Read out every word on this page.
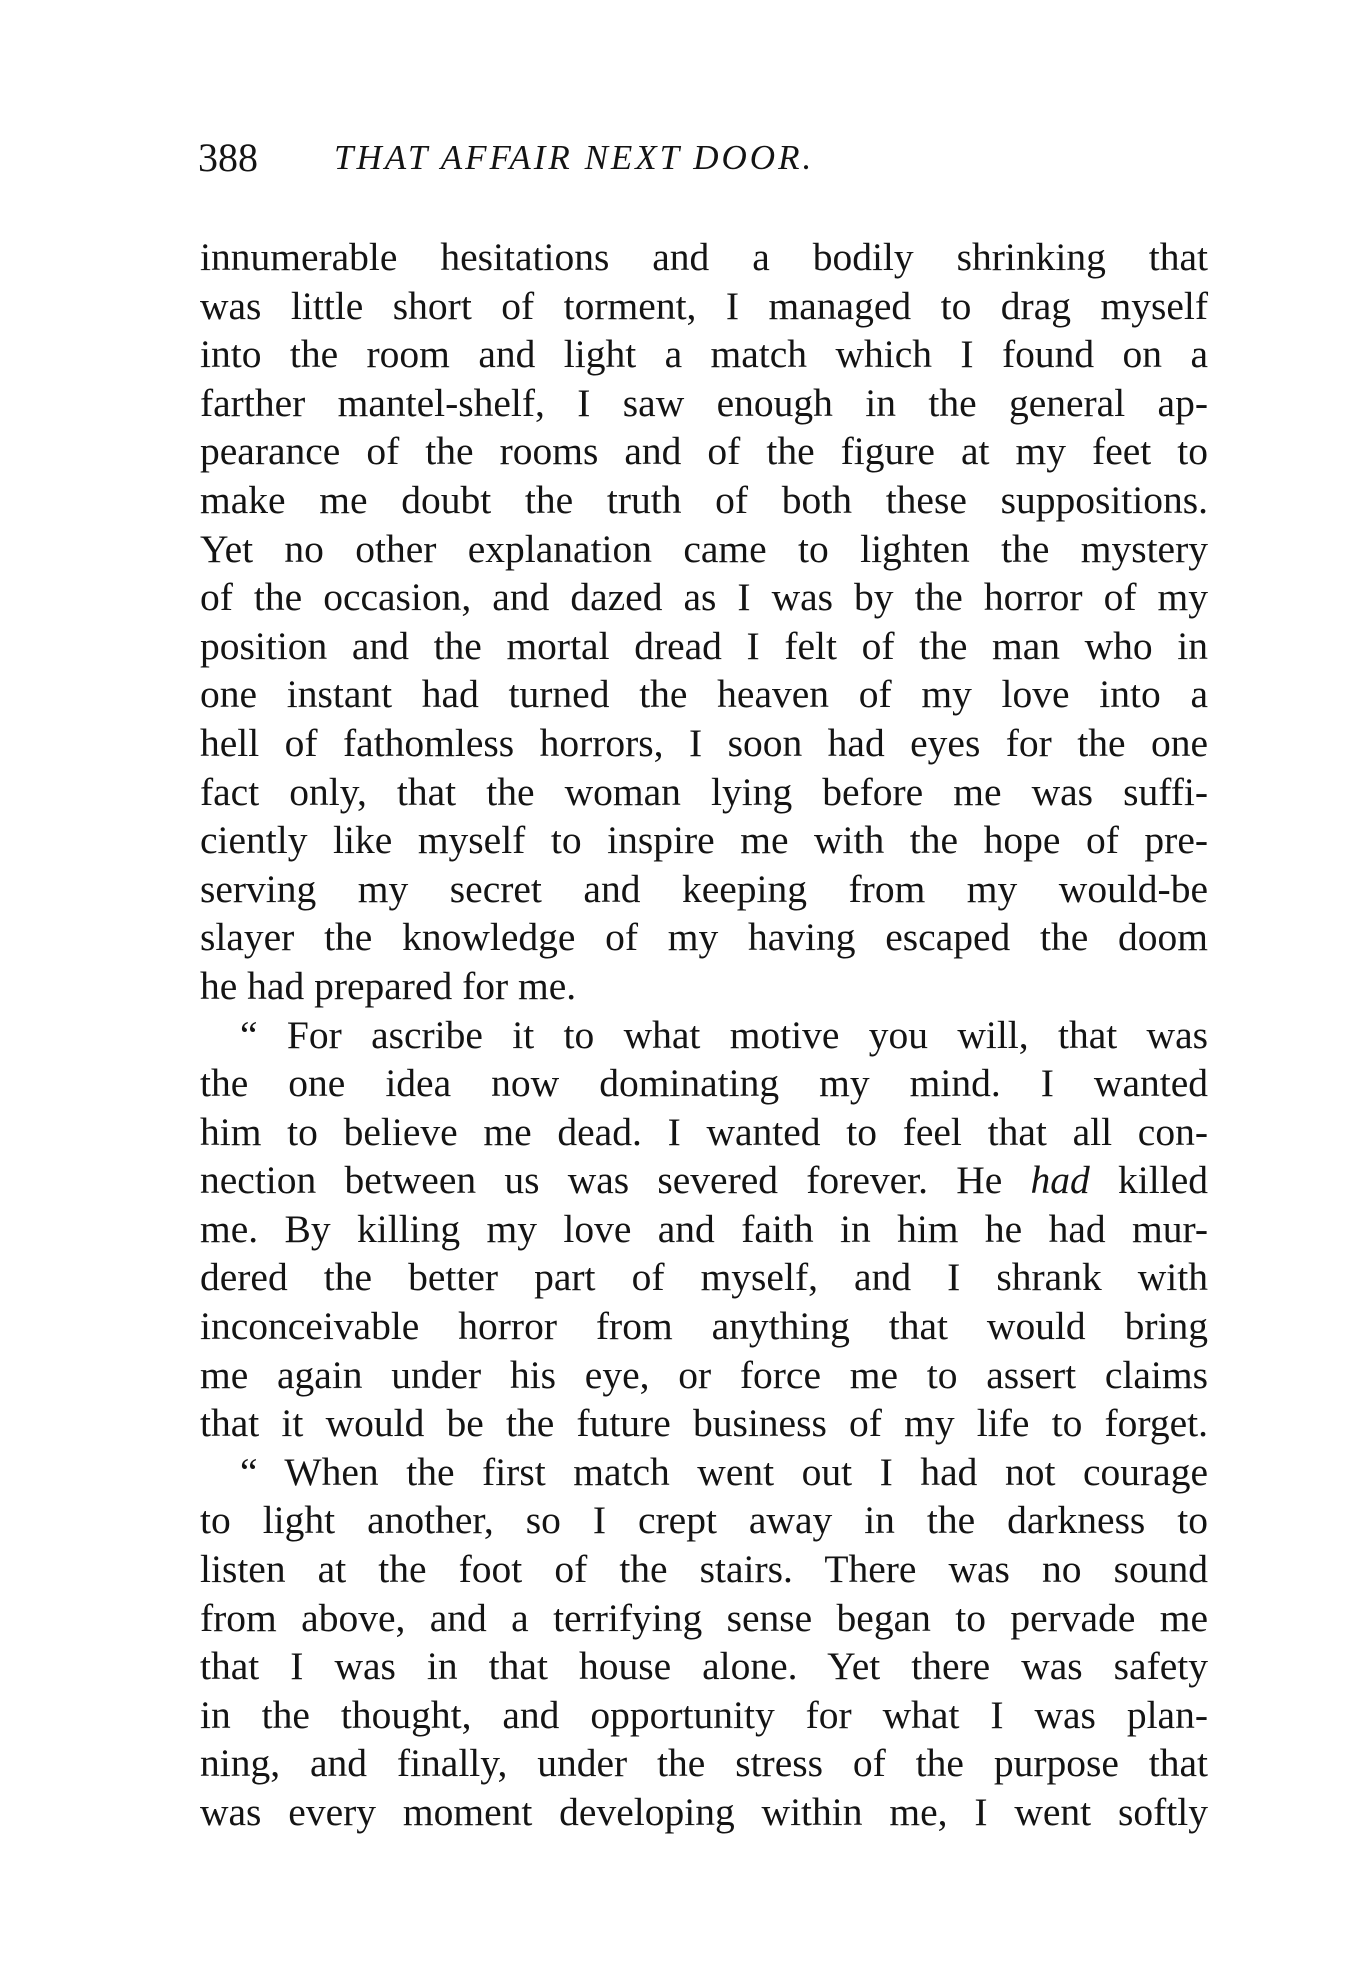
388 THAT AFFAIR NEXT DOOR.
innumerable hesitations and a bodily shrinking that
was little short of torment, I managed to drag myself
into the room and light a match which I found on a
farther mantel-shelf, I saw enough in the general ap-
pearance of the rooms and of the figure at my feet to
make me doubt the truth of both these suppositions.
Yet no other explanation came to lighten the mystery
of the occasion, and dazed as I was by the horror of my
position and the mortal dread I felt of the man who in
one instant had turned the heaven of my love into a
hell of fathomless horrors, I soon had eyes for the one
fact only, that the woman lying before me was suffi-
ciently like myself to inspire me with the hope of pre-
serving my secret and keeping from my would-be
slayer the knowledge of my having escaped the doom
he had prepared for me.
“ For ascribe it to what motive you will, that was
the one idea now dominating my mind. I wanted
him to believe me dead. I wanted to feel that all con-
nection between us was severed forever. He had killed
me. By killing my love and faith in him he had mur-
dered the better part of myself, and I shrank with
inconceivable horror from anything that would bring
me again under his eye, or force me to assert claims
that it would be the future business of my life to forget.
“ When the first match went out I had not courage
to light another, so I crept away in the darkness to
listen at the foot of the stairs. There was no sound
from above, and a terrifying sense began to pervade me
that I was in that house alone. Yet there was safety
in the thought, and opportunity for what I was plan-
ning, and finally, under the stress of the purpose that
was every moment developing within me, I went softly
